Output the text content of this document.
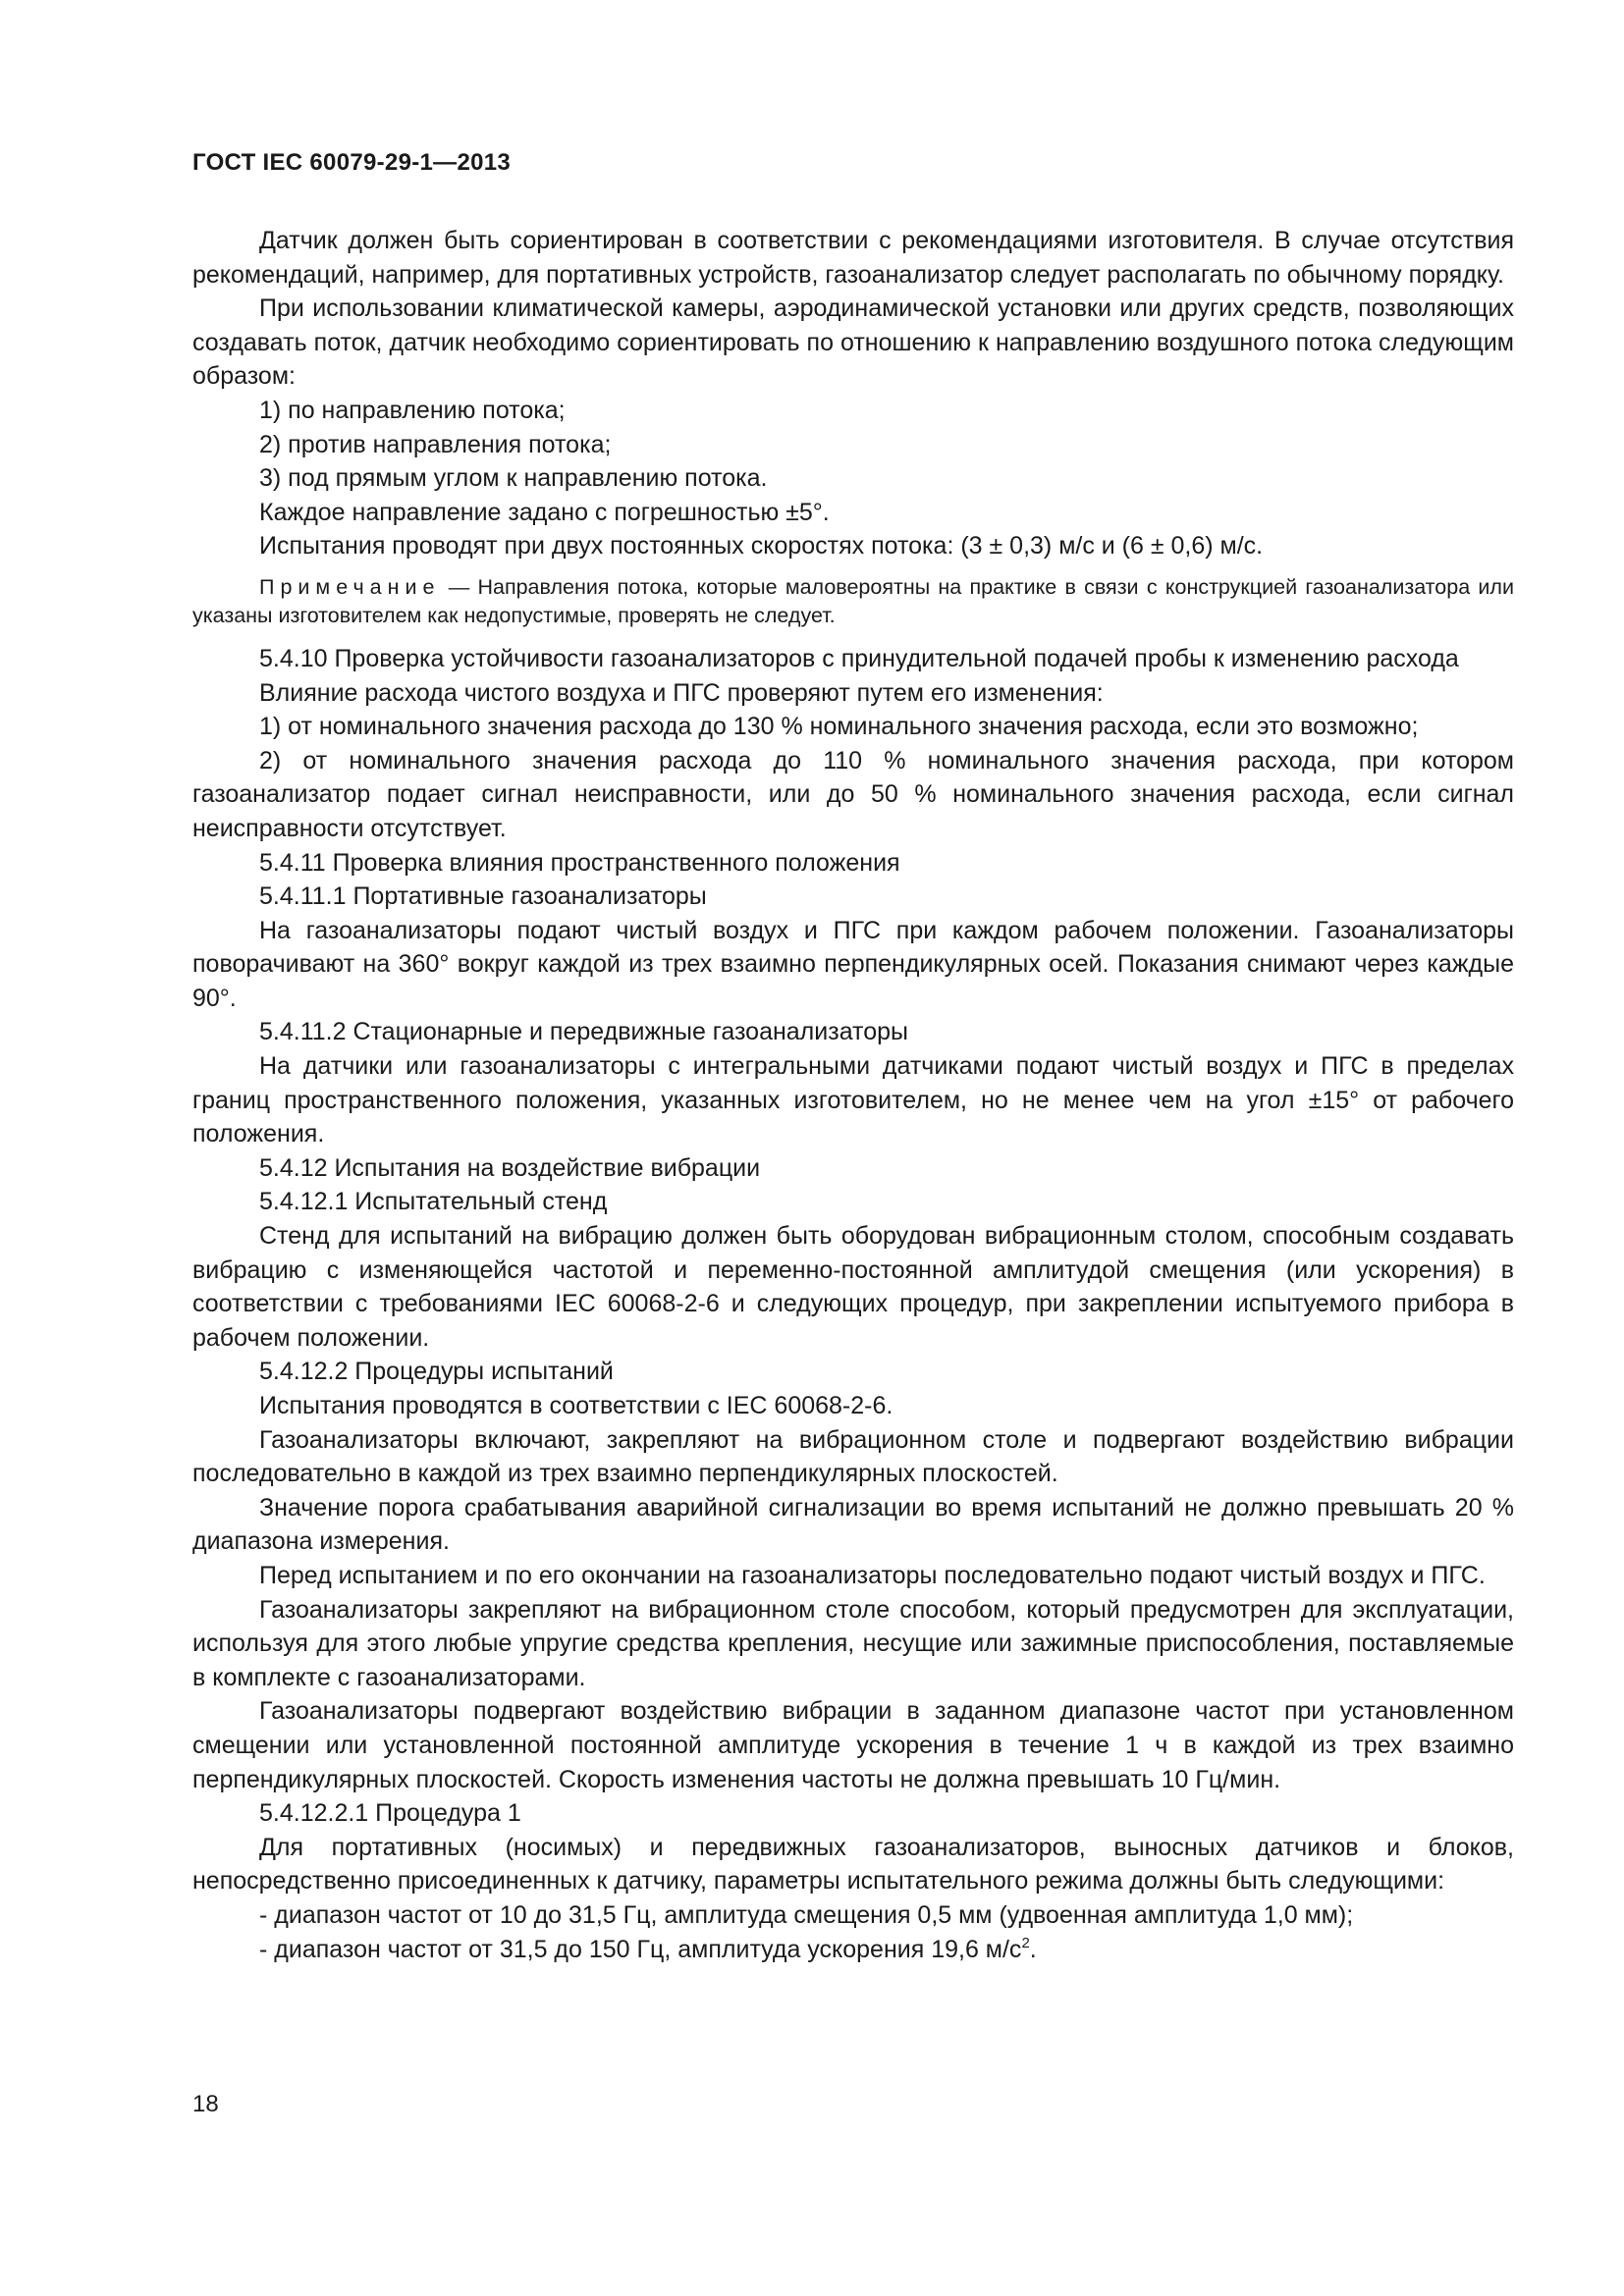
ГОСТ IEC 60079-29-1—2013

Датчик должен быть сориентирован в соответствии с рекомендациями изготовителя. В случае отсутствия рекомендаций, например, для портативных устройств, газоанализатор следует располагать по обычному порядку.

При использовании климатической камеры, аэродинамической установки или других средств, позволяющих создавать поток, датчик необходимо сориентировать по отношению к направлению воздушного потока следующим образом:

1) по направлению потока;

2) против направления потока;

3) под прямым углом к направлению потока.

Каждое направление задано с погрешностью ±5°.

Испытания проводят при двух постоянных скоростях потока: (3 ± 0,3) м/с и (6 ± 0,6) м/с.

Примечание — Направления потока, которые маловероятны на практике в связи с конструкцией газоанализатора или указаны изготовителем как недопустимые, проверять не следует.

5.4.10 Проверка устойчивости газоанализаторов с принудительной подачей пробы к изменению расхода

Влияние расхода чистого воздуха и ПГС проверяют путем его изменения:

1) от номинального значения расхода до 130 % номинального значения расхода, если это возможно;

2) от номинального значения расхода до 110 % номинального значения расхода, при котором газоанализатор подает сигнал неисправности, или до 50 % номинального значения расхода, если сигнал неисправности отсутствует.

5.4.11 Проверка влияния пространственного положения

5.4.11.1 Портативные газоанализаторы

На газоанализаторы подают чистый воздух и ПГС при каждом рабочем положении. Газоанализаторы поворачивают на 360° вокруг каждой из трех взаимно перпендикулярных осей. Показания снимают через каждые 90°.

5.4.11.2 Стационарные и передвижные газоанализаторы

На датчики или газоанализаторы с интегральными датчиками подают чистый воздух и ПГС в пределах границ пространственного положения, указанных изготовителем, но не менее чем на угол ±15° от рабочего положения.

5.4.12 Испытания на воздействие вибрации

5.4.12.1 Испытательный стенд

Стенд для испытаний на вибрацию должен быть оборудован вибрационным столом, способным создавать вибрацию с изменяющейся частотой и переменно-постоянной амплитудой смещения (или ускорения) в соответствии с требованиями IEC 60068-2-6 и следующих процедур, при закреплении испытуемого прибора в рабочем положении.

5.4.12.2 Процедуры испытаний

Испытания проводятся в соответствии с IEC 60068-2-6.

Газоанализаторы включают, закрепляют на вибрационном столе и подвергают воздействию вибрации последовательно в каждой из трех взаимно перпендикулярных плоскостей.

Значение порога срабатывания аварийной сигнализации во время испытаний не должно превышать 20 % диапазона измерения.

Перед испытанием и по его окончании на газоанализаторы последовательно подают чистый воздух и ПГС.

Газоанализаторы закрепляют на вибрационном столе способом, который предусмотрен для эксплуатации, используя для этого любые упругие средства крепления, несущие или зажимные приспособления, поставляемые в комплекте с газоанализаторами.

Газоанализаторы подвергают воздействию вибрации в заданном диапазоне частот при установленном смещении или установленной постоянной амплитуде ускорения в течение 1 ч в каждой из трех взаимно перпендикулярных плоскостей. Скорость изменения частоты не должна превышать 10 Гц/мин.

5.4.12.2.1 Процедура 1

Для портативных (носимых) и передвижных газоанализаторов, выносных датчиков и блоков, непосредственно присоединенных к датчику, параметры испытательного режима должны быть следующими:

- диапазон частот от 10 до 31,5 Гц, амплитуда смещения 0,5 мм (удвоенная амплитуда 1,0 мм);

- диапазон частот от 31,5 до 150 Гц, амплитуда ускорения 19,6 $м/с^2$.

18
